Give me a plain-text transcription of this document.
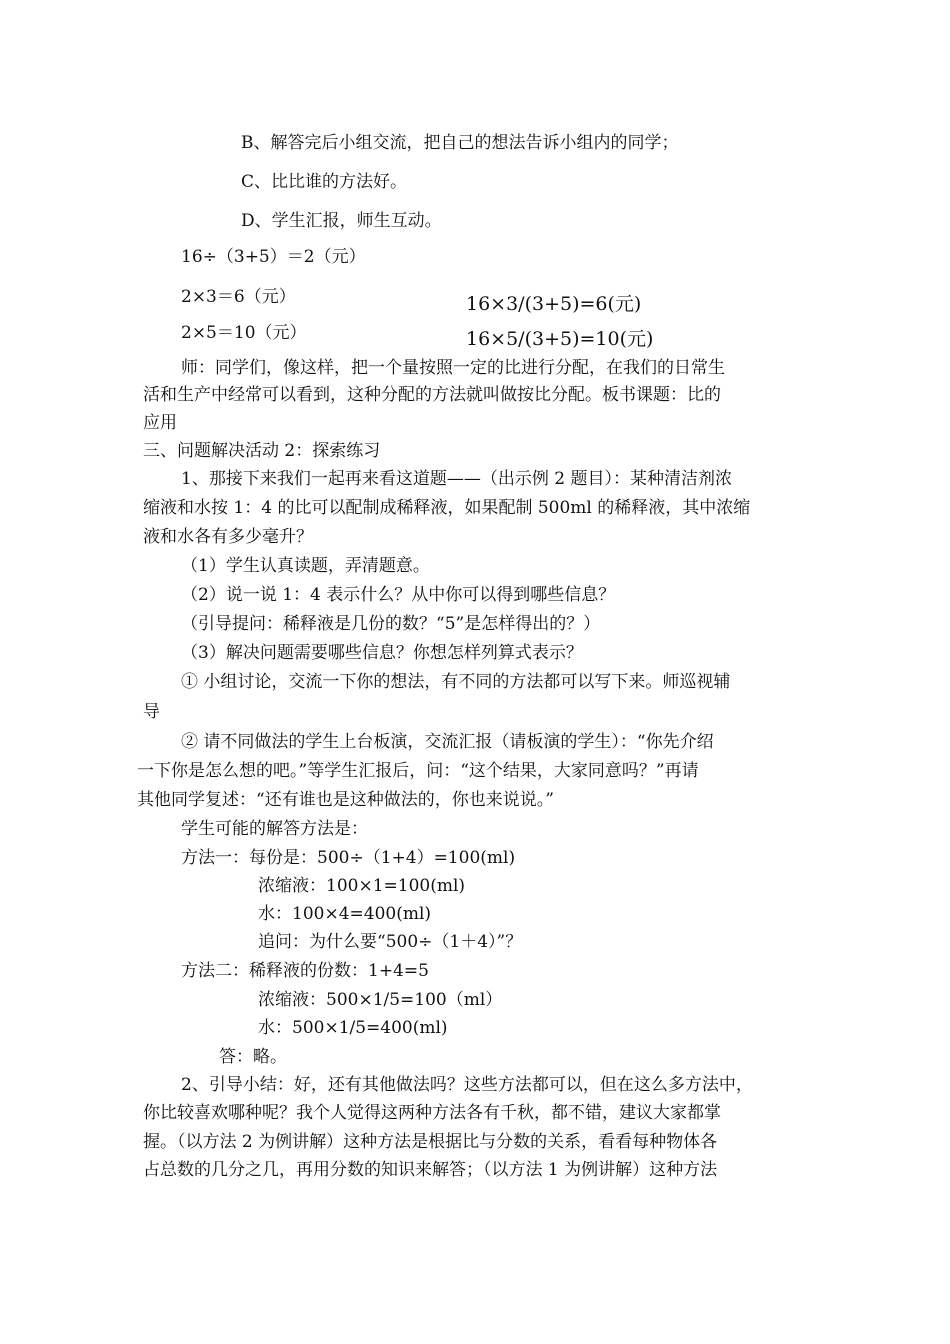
B、解答完后小组交流，把自己的想法告诉小组内的同学；
C、比比谁的方法好。
D、学生汇报，师生互动。
16÷（3+5）＝2（元）
2×3＝6（元）	16×3/(3+5)=6(元)
2×5＝10（元）	16×5/(3+5)=10(元)
师：同学们，像这样，把一个量按照一定的比进行分配，在我们的日常生
活和生产中经常可以看到，这种分配的方法就叫做按比分配。板书课题：比的
应用
三、问题解决活动 2：探索练习
1、那接下来我们一起再来看这道题——（出示例 2 题目）：某种清洁剂浓
缩液和水按 1：4 的比可以配制成稀释液，如果配制 500ml 的稀释液，其中浓缩
液和水各有多少毫升？
（1）学生认真读题，弄清题意。
（2）说一说 1：4 表示什么？从中你可以得到哪些信息？
（引导提问：稀释液是几份的数？“5”是怎样得出的？）
（3）解决问题需要哪些信息？你想怎样列算式表示？
① 小组讨论，交流一下你的想法，有不同的方法都可以写下来。师巡视辅
导
② 请不同做法的学生上台板演，交流汇报（请板演的学生）：“你先介绍
一下你是怎么想的吧。”等学生汇报后，问：“这个结果，大家同意吗？”再请
其他同学复述：“还有谁也是这种做法的，你也来说说。”
学生可能的解答方法是：
方法一：每份是：500÷（1+4）=100(ml)
浓缩液：100×1=100(ml)
水：100×4=400(ml)
追问：为什么要“500÷（1＋4）”？
方法二：稀释液的份数：1+4=5
浓缩液：500×1/5=100（ml）
水：500×1/5=400(ml)
答：略。
2、引导小结：好，还有其他做法吗？这些方法都可以，但在这么多方法中，
你比较喜欢哪种呢？我个人觉得这两种方法各有千秋，都不错，建议大家都掌
握。（以方法 2 为例讲解）这种方法是根据比与分数的关系，看看每种物体各
占总数的几分之几，再用分数的知识来解答；（以方法 1 为例讲解）这种方法
